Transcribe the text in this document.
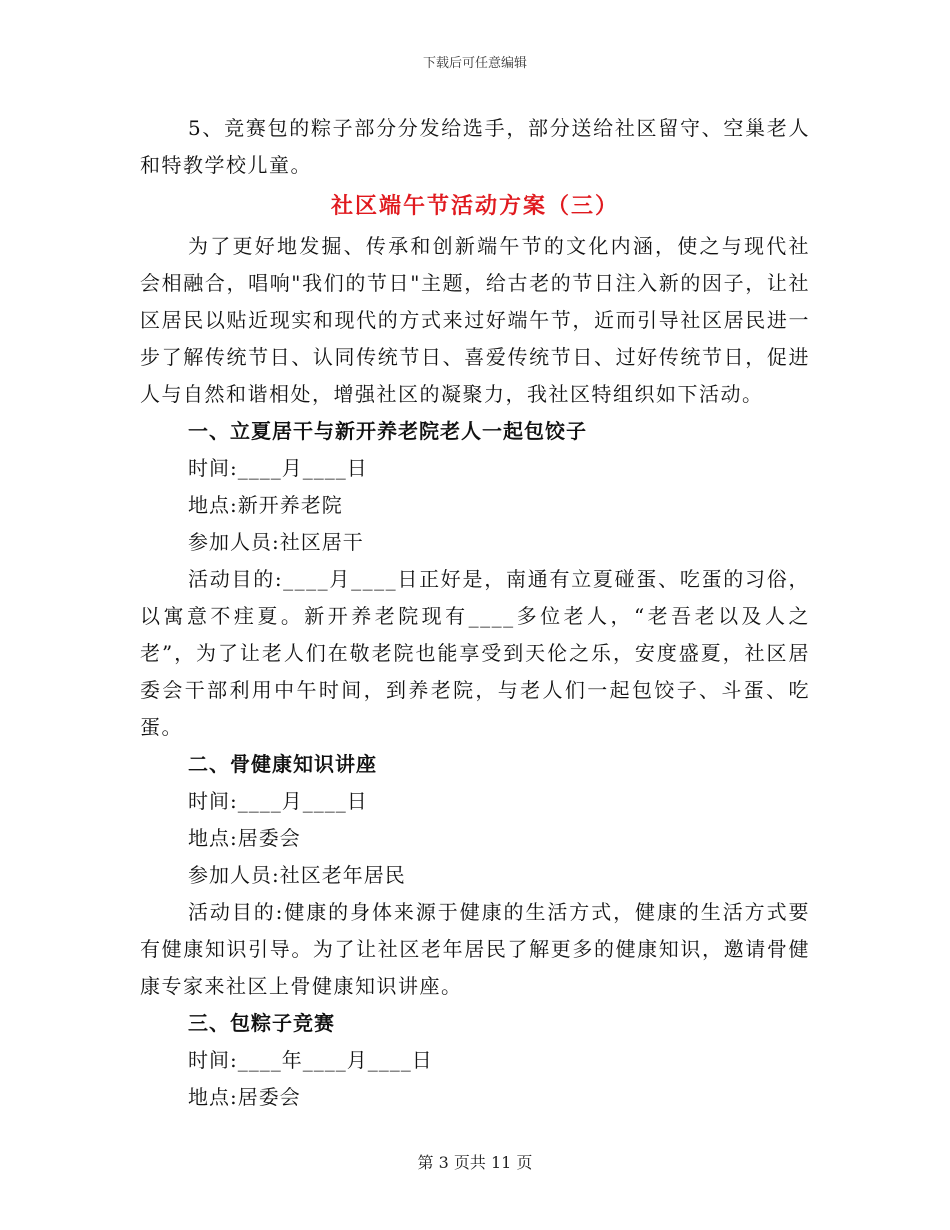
下载后可任意编辑

5、竞赛包的粽子部分分发给选手，部分送给社区留守、空巢老人和特教学校儿童。

社区端午节活动方案（三）

为了更好地发掘、传承和创新端午节的文化内涵，使之与现代社会相融合，唱响"我们的节日"主题，给古老的节日注入新的因子，让社区居民以贴近现实和现代的方式来过好端午节，近而引导社区居民进一步了解传统节日、认同传统节日、喜爱传统节日、过好传统节日，促进人与自然和谐相处，增强社区的凝聚力，我社区特组织如下活动。

一、立夏居干与新开养老院老人一起包饺子

时间:____月____日

地点:新开养老院

参加人员:社区居干

活动目的:____月____日正好是，南通有立夏碰蛋、吃蛋的习俗，以寓意不疰夏。新开养老院现有____多位老人，“老吾老以及人之老”，为了让老人们在敬老院也能享受到天伦之乐，安度盛夏，社区居委会干部利用中午时间，到养老院，与老人们一起包饺子、斗蛋、吃蛋。

二、骨健康知识讲座

时间:____月____日

地点:居委会

参加人员:社区老年居民

活动目的:健康的身体来源于健康的生活方式，健康的生活方式要有健康知识引导。为了让社区老年居民了解更多的健康知识，邀请骨健康专家来社区上骨健康知识讲座。

三、包粽子竞赛

时间:____年____月____日

地点:居委会

第 3 页共 11 页
